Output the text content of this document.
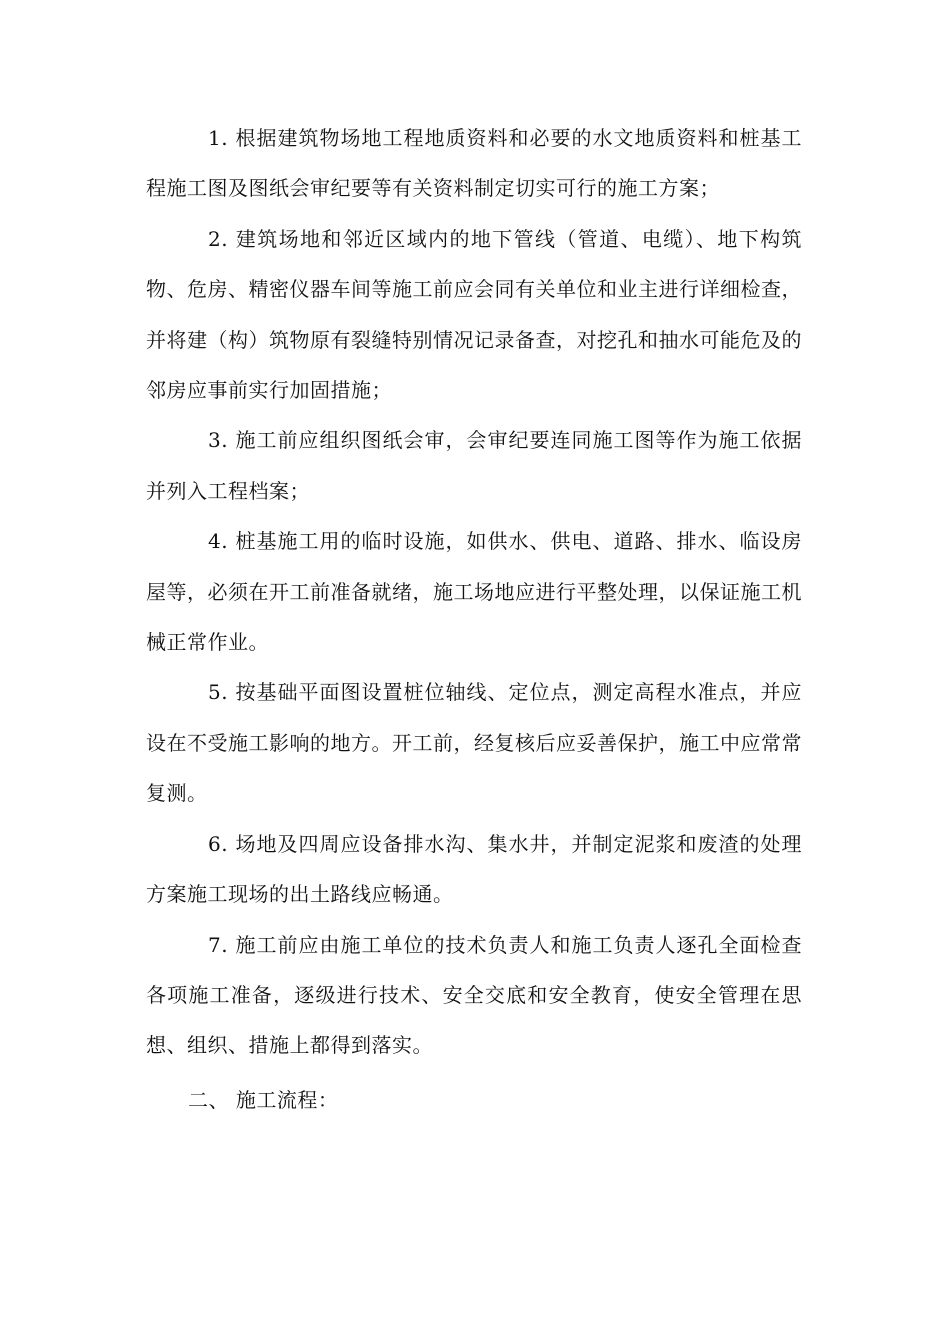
1. 根据建筑物场地工程地质资料和必要的水文地质资料和桩基工程施工图及图纸会审纪要等有关资料制定切实可行的施工方案；

2. 建筑场地和邻近区域内的地下管线（管道、电缆）、地下构筑物、危房、精密仪器车间等施工前应会同有关单位和业主进行详细检查，并将建（构）筑物原有裂缝特别情况记录备查，对挖孔和抽水可能危及的邻房应事前实行加固措施；

3. 施工前应组织图纸会审，会审纪要连同施工图等作为施工依据并列入工程档案；

4. 桩基施工用的临时设施，如供水、供电、道路、排水、临设房屋等，必须在开工前准备就绪，施工场地应进行平整处理，以保证施工机械正常作业。

5. 按基础平面图设置桩位轴线、定位点，测定高程水准点，并应设在不受施工影响的地方。开工前，经复核后应妥善保护，施工中应常常复测。

6. 场地及四周应设备排水沟、集水井，并制定泥浆和废渣的处理方案施工现场的出土路线应畅通。

7. 施工前应由施工单位的技术负责人和施工负责人逐孔全面检查各项施工准备，逐级进行技术、安全交底和安全教育，使安全管理在思想、组织、措施上都得到落实。

二、 施工流程：
